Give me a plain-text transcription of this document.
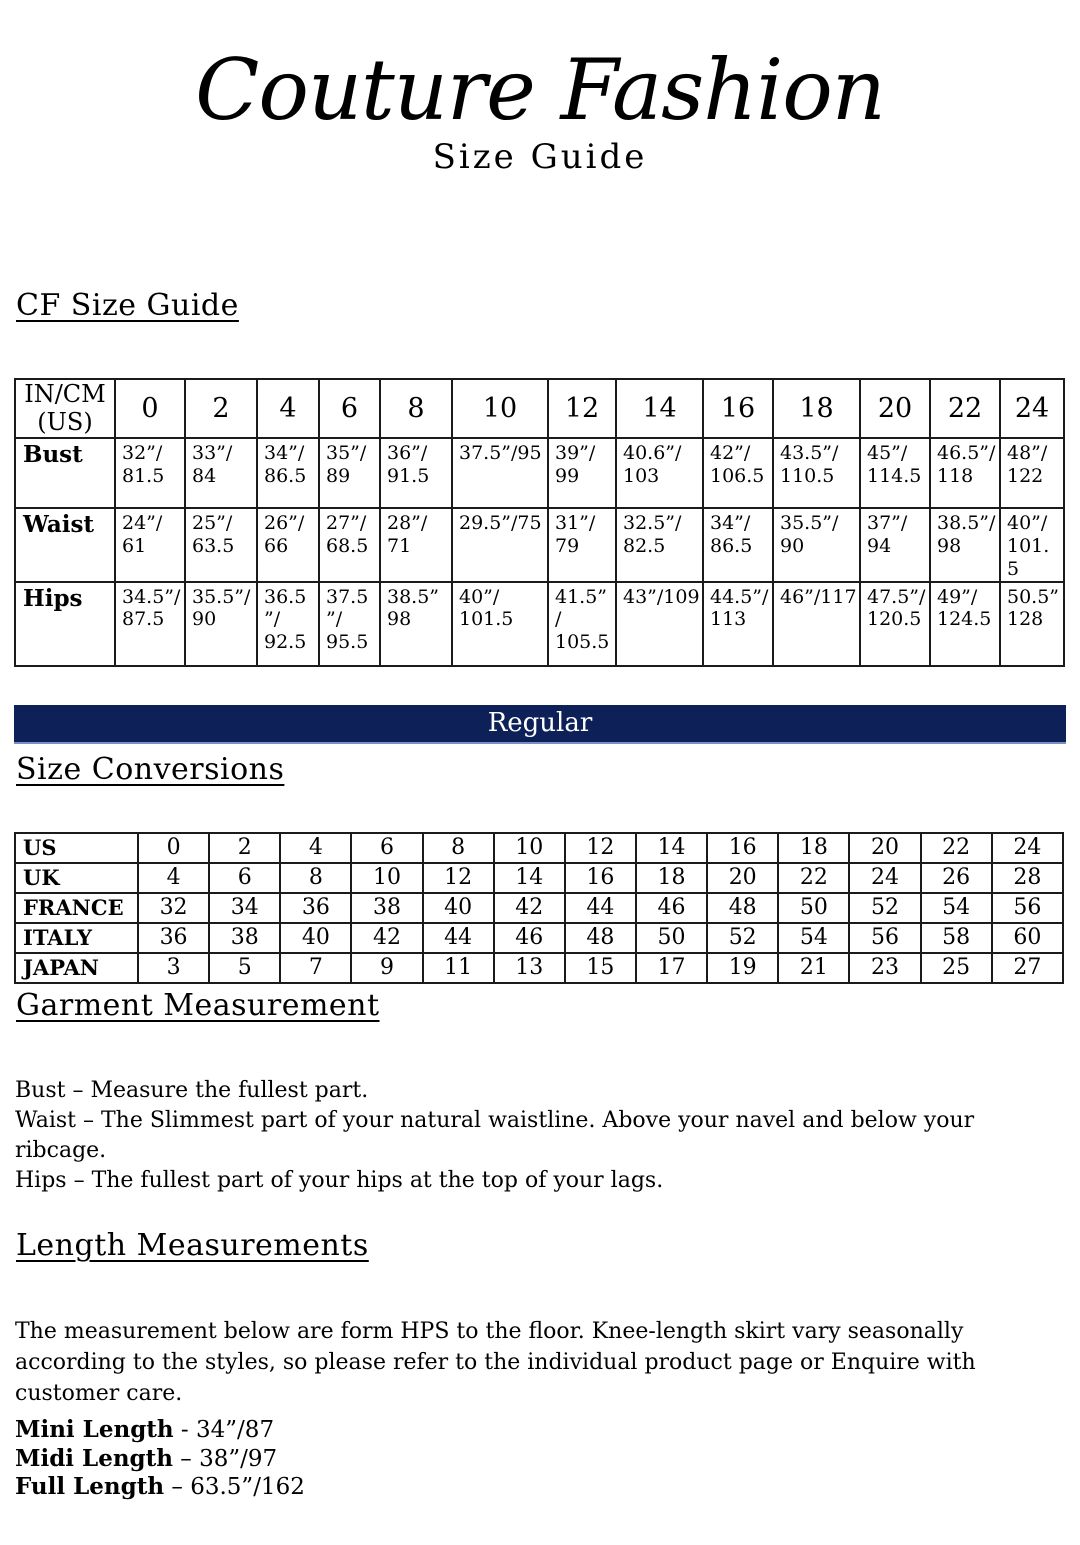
Couture Fashion
Size Guide
CF Size Guide
IN/CM
(US)	0	2	4	6	8	10	12	14	16	18	20	22	24
Bust	32”​/​81.5	33”​/​84	34”​/​86.5	35”​/​89	36”​/​91.5	37.5”​/​95	39”​/​99	40.6”​/​103	42”​/​106.5	43.5”​/​110.5	45”​/​114.5	46.5”​/​118	48”​/​122
Waist	24”​/​61	25”​/​63.5	26”​/​66	27”​/​68.5	28”​/​71	29.5”​/​75	31”​/​79	32.5”​/​82.5	34”​/​86.5	35.5”​/​90	37”​/​94	38.5”​/​98	40”​/​101.5
Hips	34.5”​/​87.5	35.5”​/​90	36.5”​/​92.5	37.5”​/​95.5	38.5”​98	40”​/​101.5	41.5”​/​105.5	43”​/​109	44.5”​/​113	46”​/​117	47.5”​/​120.5	49”​/​124.5	50.5”​128
Regular
Size Conversions
US	0	2	4	6	8	10	12	14	16	18	20	22	24
UK	4	6	8	10	12	14	16	18	20	22	24	26	28
FRANCE	32	34	36	38	40	42	44	46	48	50	52	54	56
ITALY	36	38	40	42	44	46	48	50	52	54	56	58	60
JAPAN	3	5	7	9	11	13	15	17	19	21	23	25	27
Garment Measurement
Bust – Measure the fullest part.
Waist – The Slimmest part of your natural waistline. Above your navel and below your ribcage.
Hips – The fullest part of your hips at the top of your lags.
Length Measurements
The measurement below are form HPS to the floor. Knee-length skirt vary seasonally according to the styles, so please refer to the individual product page or Enquire with customer care.
Mini Length - 34”/87
Midi Length – 38”/97
Full Length – 63.5”/162
